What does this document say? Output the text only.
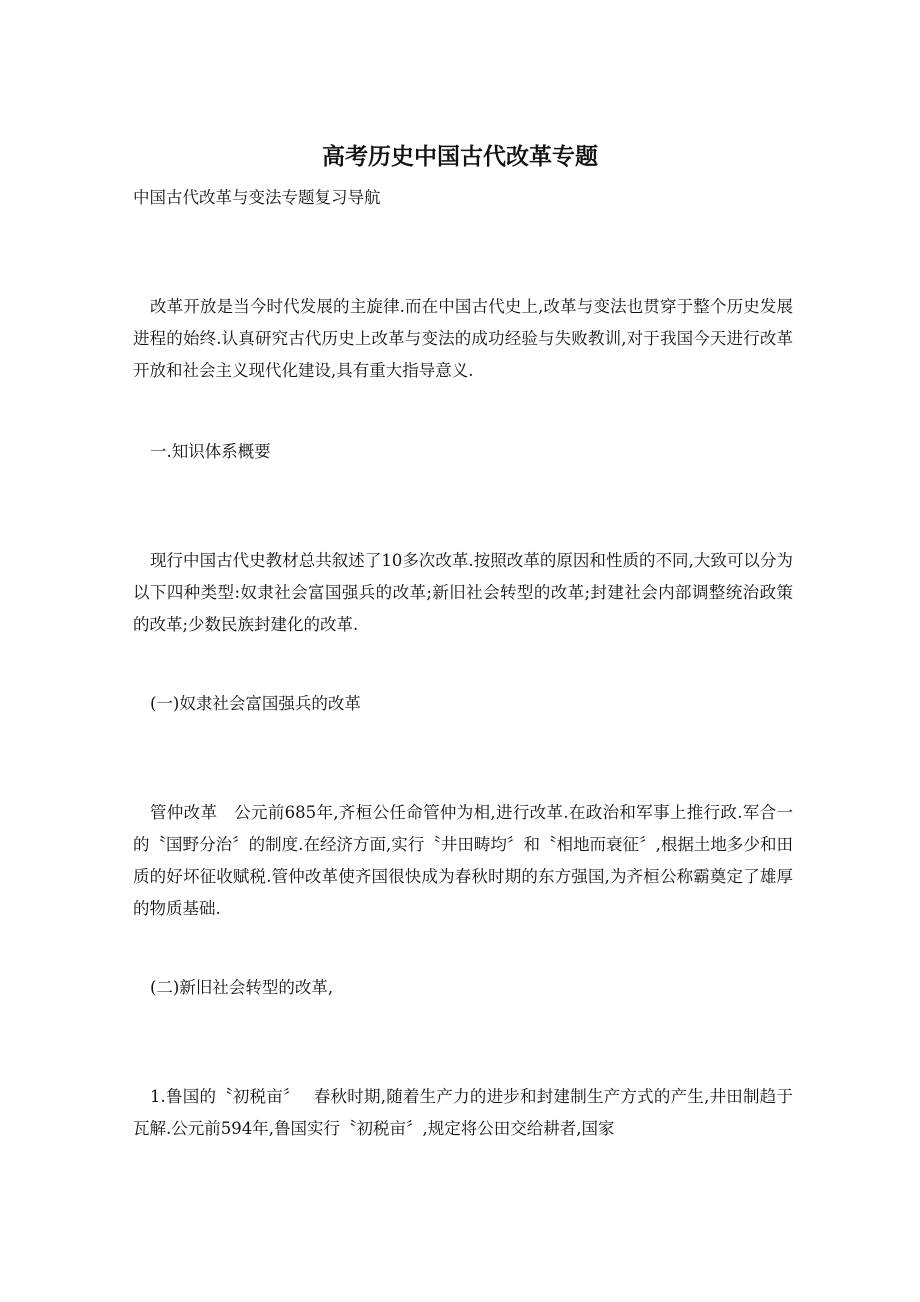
高考历史中国古代改革专题
中国古代改革与变法专题复习导航

改革开放是当今时代发展的主旋律.而在中国古代史上,改革与变法也贯穿于整个历史发展进程的始终.认真研究古代历史上改革与变法的成功经验与失败教训,对于我国今天进行改革开放和社会主义现代化建设,具有重大指导意义.

一.知识体系概要

现行中国古代史教材总共叙述了10多次改革.按照改革的原因和性质的不同,大致可以分为以下四种类型:奴隶社会富国强兵的改革;新旧社会转型的改革;封建社会内部调整统治政策的改革;少数民族封建化的改革.

(一)奴隶社会富国强兵的改革

管仲改革　公元前685年,齐桓公任命管仲为相,进行改革.在政治和军事上推行政.军合一的〝国野分治〞的制度.在经济方面,实行〝井田畴均〞和〝相地而衰征〞,根据土地多少和田质的好坏征收赋税.管仲改革使齐国很快成为春秋时期的东方强国,为齐桓公称霸奠定了雄厚的物质基础.

(二)新旧社会转型的改革,

1.鲁国的〝初税亩〞　 春秋时期,随着生产力的进步和封建制生产方式的产生,井田制趋于瓦解.公元前594年,鲁国实行〝初税亩〞,规定将公田交给耕者,国家
